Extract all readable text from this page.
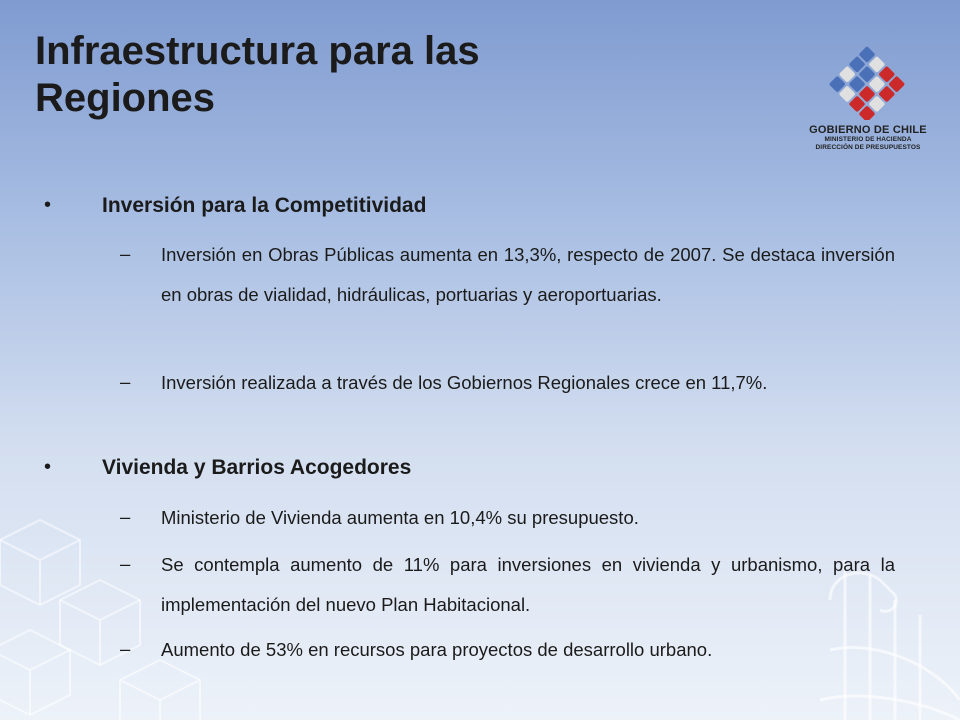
Infraestructura para las
Regiones
GOBIERNO DE CHILE
MINISTERIO DE HACIENDA
DIRECCIÓN DE PRESUPUESTOS
• Inversión para la Competitividad
– Inversión en Obras Públicas aumenta en 13,3%, respecto de 2007. Se destaca inversión en obras de vialidad, hidráulicas, portuarias y aeroportuarias.
– Inversión realizada a través de los Gobiernos Regionales crece en 11,7%.
• Vivienda y Barrios Acogedores
– Ministerio de Vivienda aumenta en 10,4% su presupuesto.
– Se contempla aumento de 11% para inversiones en vivienda y urbanismo, para la implementación del nuevo Plan Habitacional.
– Aumento de 53% en recursos para proyectos de desarrollo urbano.
